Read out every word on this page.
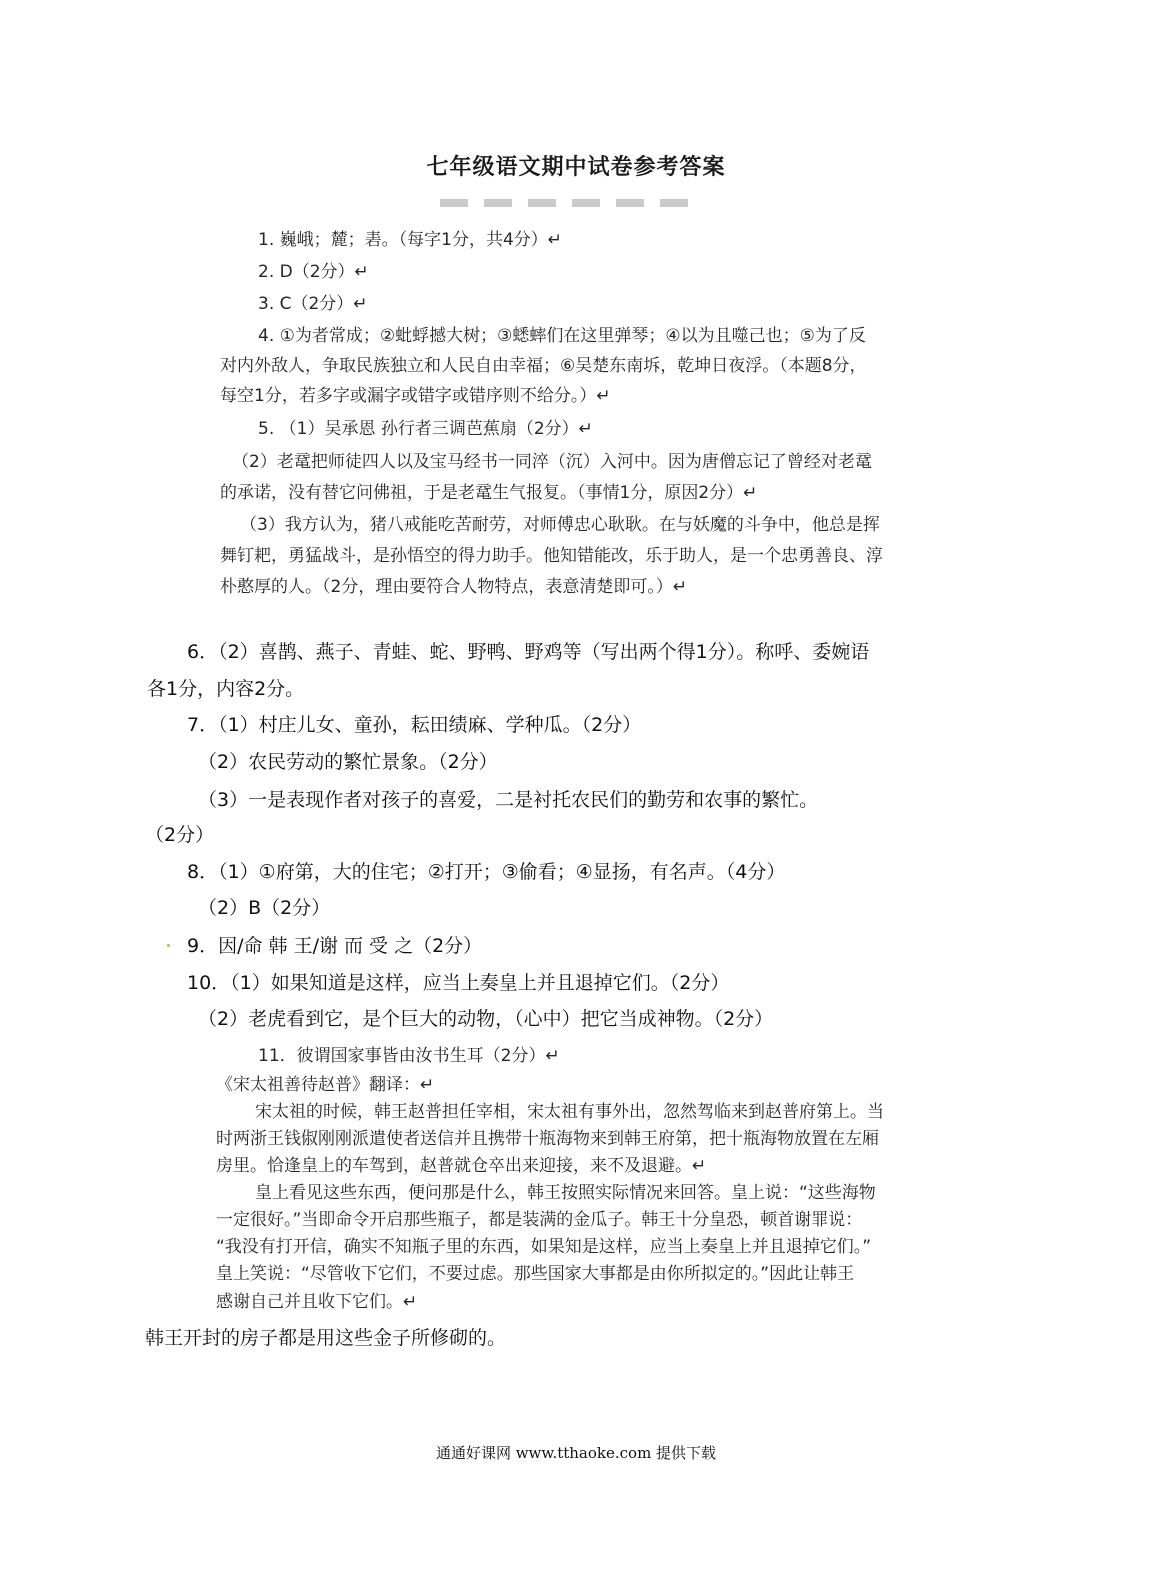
七年级语文期中试卷参考答案
1. 巍峨；麓；砉。（每字1分，共4分）↵
2. D（2分）↵
3. C（2分）↵
4. ①为者常成；②蚍蜉撼大树；③蟋蟀们在这里弹琴；④以为且噬己也；⑤为了反
对内外敌人，争取民族独立和人民自由幸福；⑥吴楚东南坼，乾坤日夜浮。（本题8分，
每空1分，若多字或漏字或错字或错序则不给分。）↵
5. （1）吴承恩 孙行者三调芭蕉扇（2分）↵
（2）老鼋把师徒四人以及宝马经书一同淬（沉）入河中。因为唐僧忘记了曾经对老鼋
的承诺，没有替它问佛祖，于是老鼋生气报复。（事情1分，原因2分）↵
（3）我方认为，猪八戒能吃苦耐劳，对师傅忠心耿耿。在与妖魔的斗争中，他总是挥
舞钉耙，勇猛战斗，是孙悟空的得力助手。他知错能改，乐于助人，是一个忠勇善良、淳
朴憨厚的人。（2分，理由要符合人物特点，表意清楚即可。）↵
6．（2）喜鹊、燕子、青蛙、蛇、野鸭、野鸡等（写出两个得1分）。称呼、委婉语
各1分，内容2分。
7．（1）村庄儿女、童孙，耘田绩麻、学种瓜。（2分）
（2）农民劳动的繁忙景象。（2分）
（3）一是表现作者对孩子的喜爱，二是衬托农民们的勤劳和农事的繁忙。
（2分）
8．（1）①府第，大的住宅；②打开；③偷看；④显扬，有名声。（4分）
（2）B（2分）
9．因/命 韩 王/谢 而 受 之（2分）
10．（1）如果知道是这样，应当上奏皇上并且退掉它们。（2分）
（2）老虎看到它，是个巨大的动物，（心中）把它当成神物。（2分）
11．彼谓国家事皆由汝书生耳（2分）↵
《宋太祖善待赵普》翻译：↵
宋太祖的时候，韩王赵普担任宰相，宋太祖有事外出，忽然驾临来到赵普府第上。当
时两浙王钱俶刚刚派遣使者送信并且携带十瓶海物来到韩王府第，把十瓶海物放置在左厢
房里。恰逢皇上的车驾到，赵普就仓卒出来迎接，来不及退避。↵
皇上看见这些东西，便问那是什么，韩王按照实际情况来回答。皇上说：“这些海物
一定很好。”当即命令开启那些瓶子，都是装满的金瓜子。韩王十分皇恐，顿首谢罪说：
“我没有打开信，确实不知瓶子里的东西，如果知是这样，应当上奏皇上并且退掉它们。”
皇上笑说：“尽管收下它们，不要过虑。那些国家大事都是由你所拟定的。”因此让韩王
感谢自己并且收下它们。↵
韩王开封的房子都是用这些金子所修砌的。
通通好课网 www.tthaoke.com 提供下载
